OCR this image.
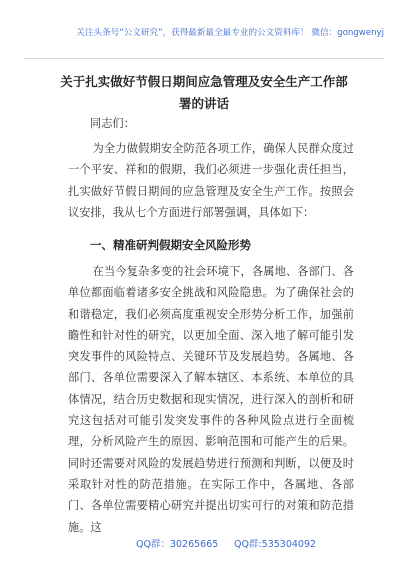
关注头条号“公文研究”，获得最新最全最专业的公文资料库！ 微信：gongwenyj
关于扎实做好节假日期间应急管理及安全生产工作部署的讲话
同志们：
为全力做假期安全防范各项工作，确保人民群众度过一个平安、祥和的假期，我们必须进一步强化责任担当，扎实做好节假日期间的应急管理及安全生产工作。按照会议安排，我从七个方面进行部署强调，具体如下：
一、精准研判假期安全风险形势
在当今复杂多变的社会环境下，各属地、各部门、各单位都面临着诸多安全挑战和风险隐患。为了确保社会的和谐稳定，我们必须高度重视安全形势分析工作，加强前瞻性和针对性的研究，以更加全面、深入地了解可能引发突发事件的风险特点、关键环节及发展趋势。各属地、各部门、各单位需要深入了解本辖区、本系统、本单位的具体情况，结合历史数据和现实情况，进行深入的剖析和研究这包括对可能引发突发事件的各种风险点进行全面梳理，分析风险产生的原因、影响范围和可能产生的后果。同时还需要对风险的发展趋势进行预测和判断，以便及时采取针对性的防范措施。在实际工作中，各属地、各部门、各单位需要精心研究并提出切实可行的对策和防范措施。这
QQ群：30265665 QQ群:535304092
